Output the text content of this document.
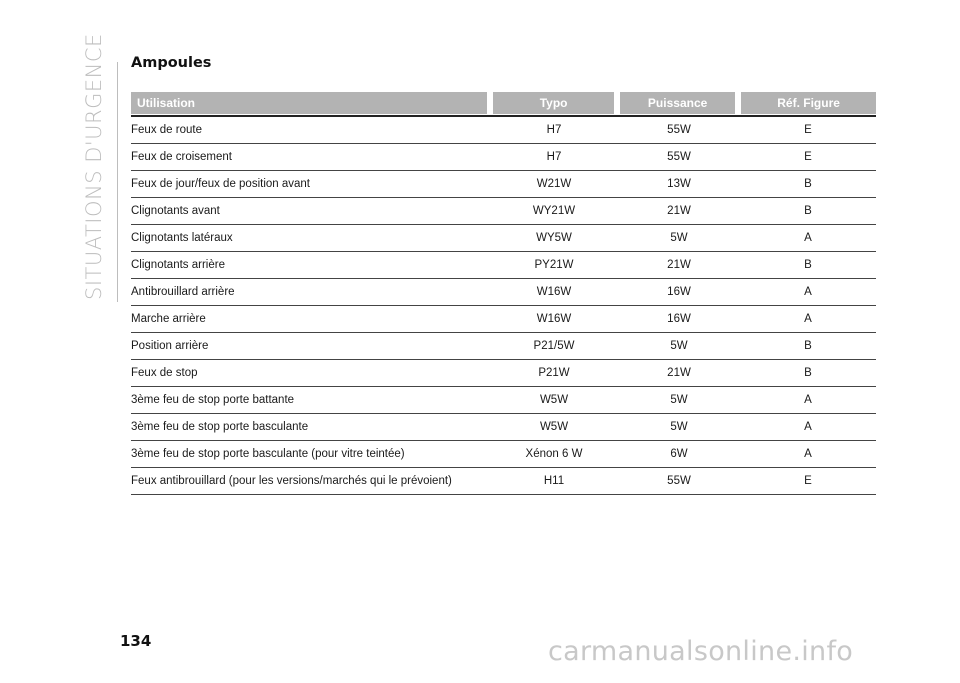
SITUATIONS D'URGENCE Ampoules
Utilisation	Typo	Puissance	Réf. Figure
Feux de route	H7	55W	E
Feux de croisement	H7	55W	E
Feux de jour/feux de position avant	W21W	13W	B
Clignotants avant	WY21W	21W	B
Clignotants latéraux	WY5W	5W	A
Clignotants arrière	PY21W	21W	B
Antibrouillard arrière	W16W	16W	A
Marche arrière	W16W	16W	A
Position arrière	P21/5W	5W	B
Feux de stop	P21W	21W	B
3ème feu de stop porte battante	W5W	5W	A
3ème feu de stop porte basculante	W5W	5W	A
3ème feu de stop porte basculante (pour vitre teintée)	Xénon 6 W	6W	A
Feux antibrouillard (pour les versions/marchés qui le prévoient)	H11	55W	E
134	carmanualsonline.info
